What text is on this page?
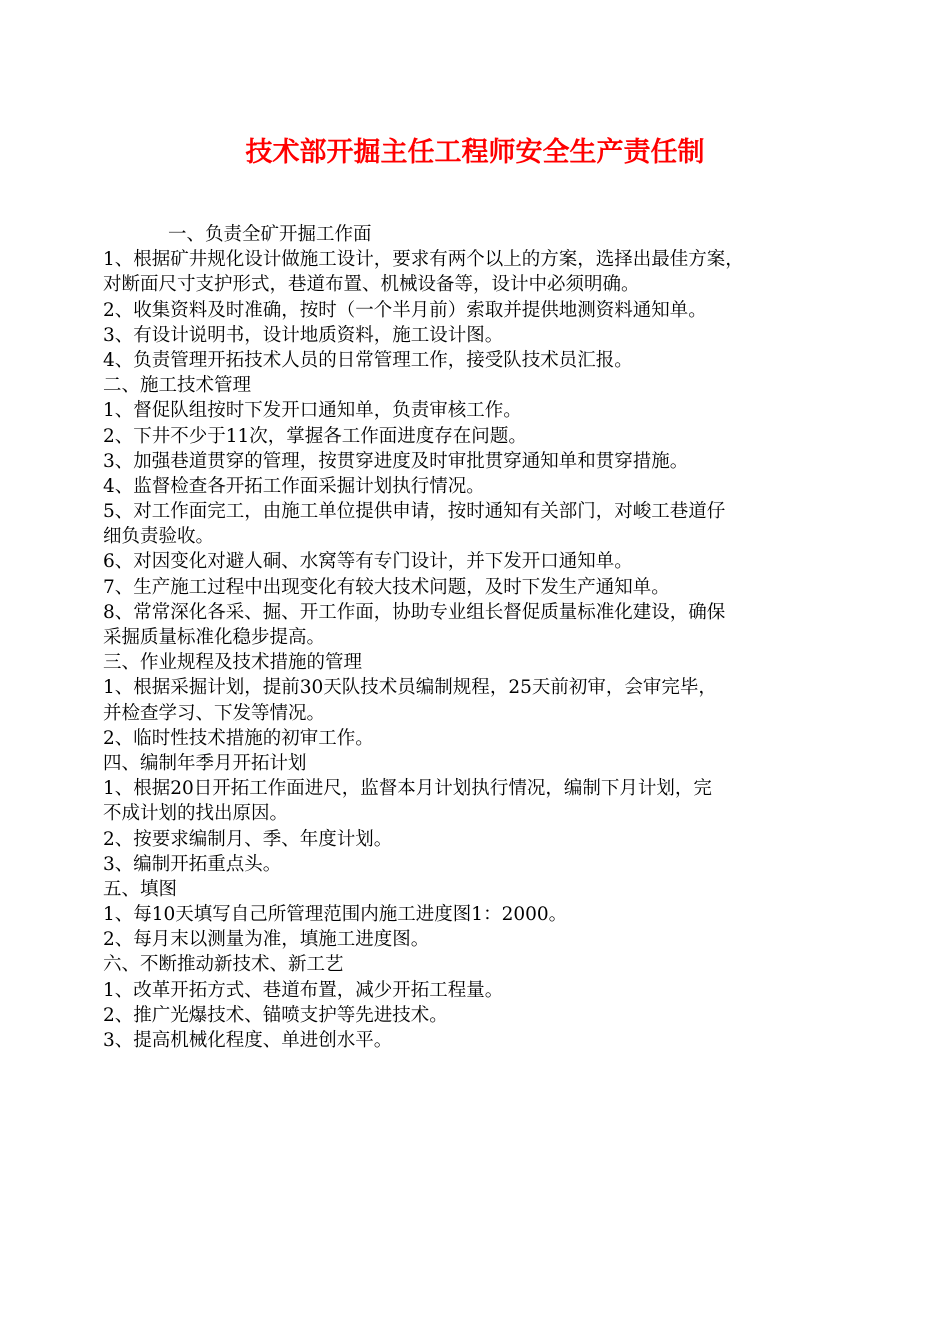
技术部开掘主任工程师安全生产责任制
一、负责全矿开掘工作面
1、根据矿井规化设计做施工设计，要求有两个以上的方案，选择出最佳方案，
对断面尺寸支护形式，巷道布置、机械设备等，设计中必须明确。
2、收集资料及时准确，按时（一个半月前）索取并提供地测资料通知单。
3、有设计说明书，设计地质资料，施工设计图。
4、负责管理开拓技术人员的日常管理工作，接受队技术员汇报。
二、施工技术管理
1、督促队组按时下发开口通知单，负责审核工作。
2、下井不少于11次，掌握各工作面进度存在问题。
3、加强巷道贯穿的管理，按贯穿进度及时审批贯穿通知单和贯穿措施。
4、监督检查各开拓工作面采掘计划执行情况。
5、对工作面完工，由施工单位提供申请，按时通知有关部门，对峻工巷道仔
细负责验收。
6、对因变化对避人硐、水窝等有专门设计，并下发开口通知单。
7、生产施工过程中出现变化有较大技术问题，及时下发生产通知单。
8、常常深化各采、掘、开工作面，协助专业组长督促质量标准化建设，确保
采掘质量标准化稳步提高。
三、作业规程及技术措施的管理
1、根据采掘计划，提前30天队技术员编制规程，25天前初审，会审完毕，
并检查学习、下发等情况。
2、临时性技术措施的初审工作。
四、编制年季月开拓计划
1、根据20日开拓工作面进尺，监督本月计划执行情况，编制下月计划，完
不成计划的找出原因。
2、按要求编制月、季、年度计划。
3、编制开拓重点头。
五、填图
1、每10天填写自己所管理范围内施工进度图1：2000。
2、每月末以测量为准，填施工进度图。
六、不断推动新技术、新工艺
1、改革开拓方式、巷道布置，减少开拓工程量。
2、推广光爆技术、锚喷支护等先进技术。
3、提高机械化程度、单进创水平。
